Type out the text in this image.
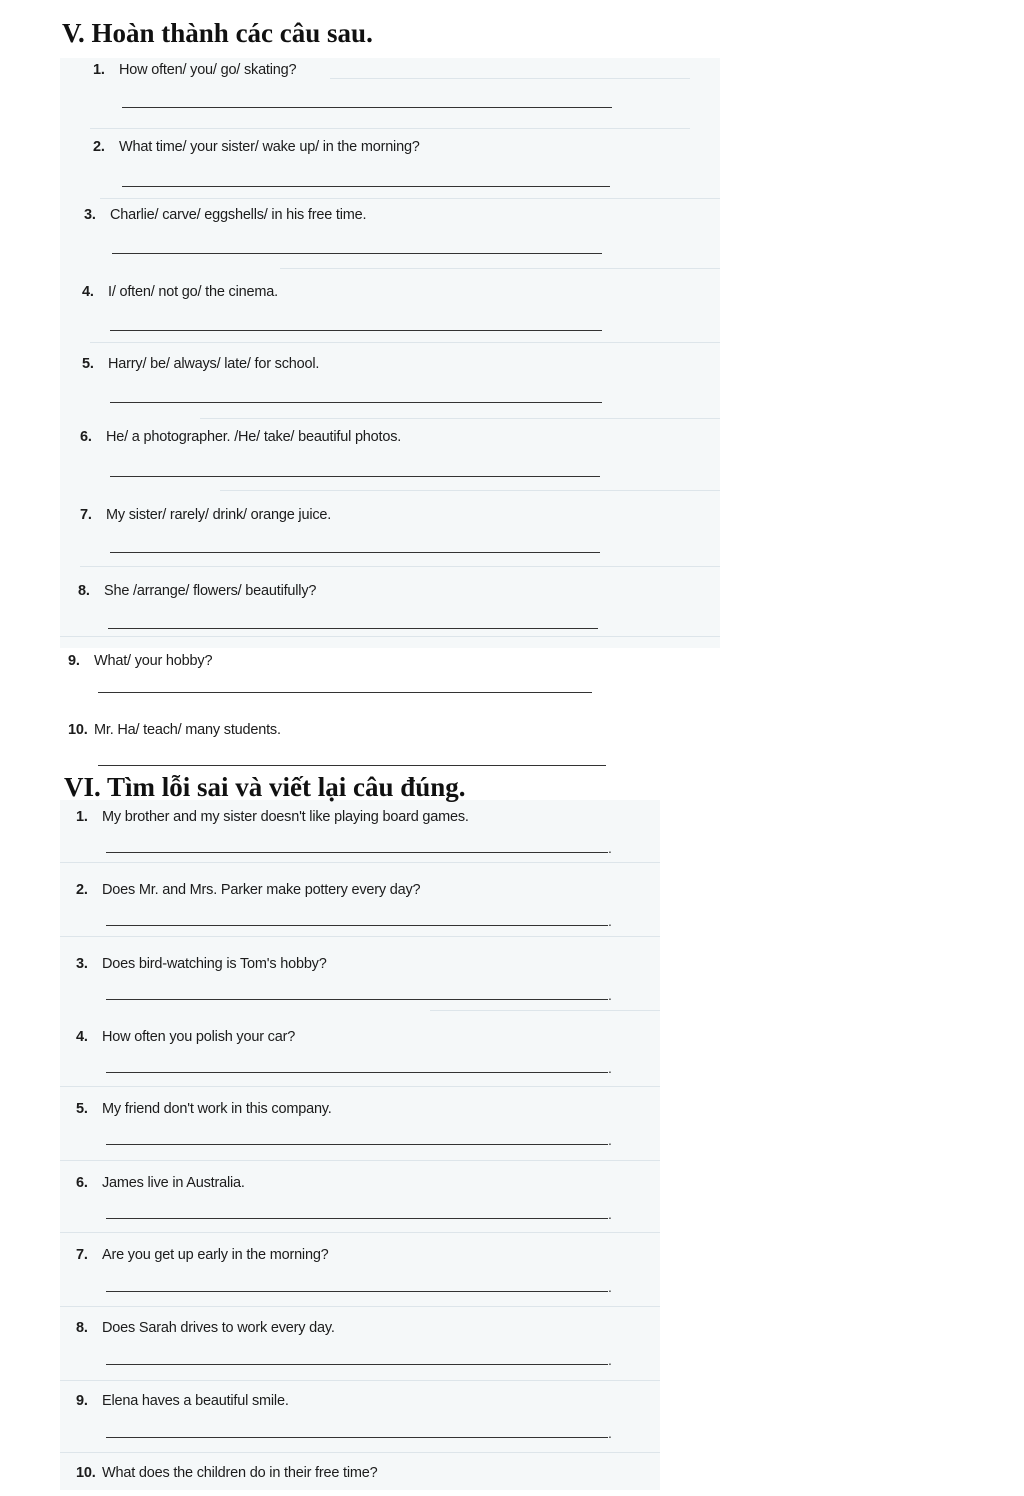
V. Hoàn thành các câu sau.
1. How often/ you/ go/ skating?
2. What time/ your sister/ wake up/ in the morning?
3. Charlie/ carve/ eggshells/ in his free time.
4. I/ often/ not go/ the cinema.
5. Harry/ be/ always/ late/ for school.
6. He/ a photographer. /He/ take/ beautiful photos.
7. My sister/ rarely/ drink/ orange juice.
8. She /arrange/ flowers/ beautifully?
9. What/ your hobby?
10. Mr. Ha/ teach/ many students.
VI. Tìm lỗi sai và viết lại câu đúng.
1. My brother and my sister doesn't like playing board games.
.
2. Does Mr. and Mrs. Parker make pottery every day?
.
3. Does bird-watching is Tom's hobby?
.
4. How often you polish your car?
.
5. My friend don't work in this company.
.
6. James live in Australia.
.
7. Are you get up early in the morning?
.
8. Does Sarah drives to work every day.
.
9. Elena haves a beautiful smile.
.
10. What does the children do in their free time?
